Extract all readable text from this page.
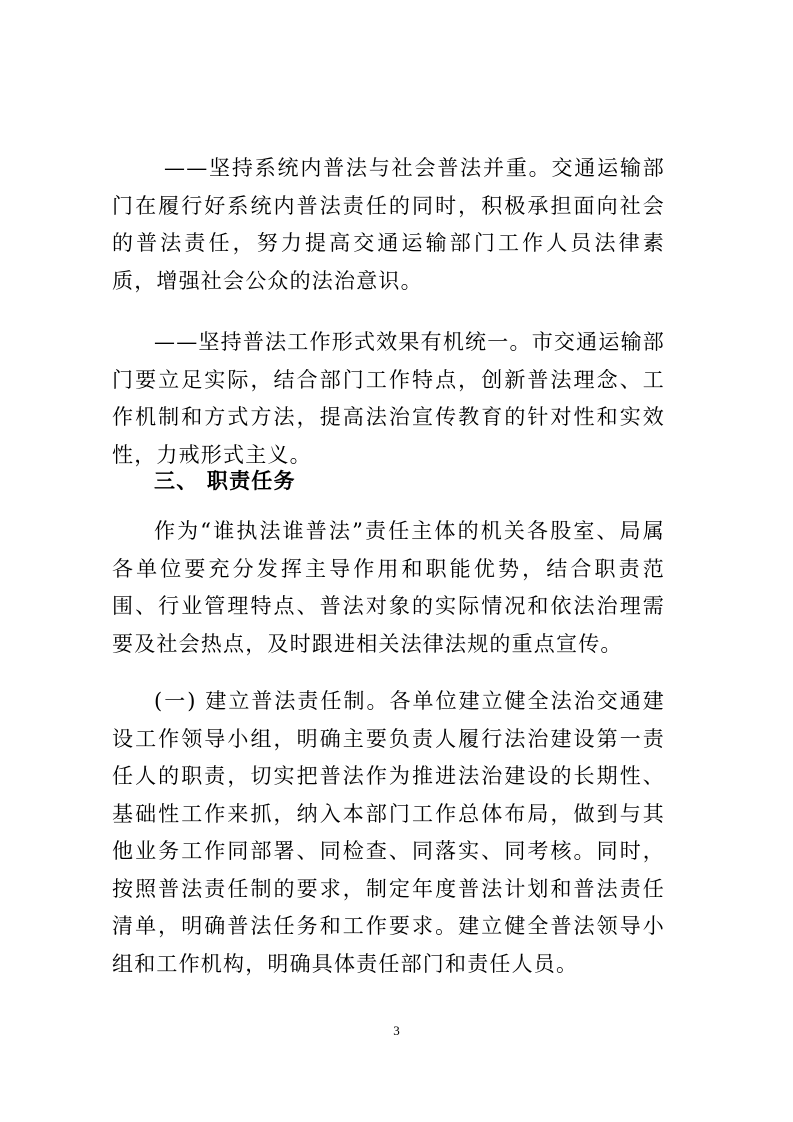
——坚持系统内普法与社会普法并重。交通运输部门在履行好系统内普法责任的同时，积极承担面向社会的普法责任，努力提高交通运输部门工作人员法律素质，增强社会公众的法治意识。
——坚持普法工作形式效果有机统一。市交通运输部门要立足实际，结合部门工作特点，创新普法理念、工作机制和方式方法，提高法治宣传教育的针对性和实效性，力戒形式主义。
三、 职责任务
作为“谁执法谁普法”责任主体的机关各股室、局属各单位要充分发挥主导作用和职能优势，结合职责范围、行业管理特点、普法对象的实际情况和依法治理需要及社会热点，及时跟进相关法律法规的重点宣传。
(一) 建立普法责任制。各单位建立健全法治交通建设工作领导小组，明确主要负责人履行法治建设第一责任人的职责，切实把普法作为推进法治建设的长期性、基础性工作来抓，纳入本部门工作总体布局，做到与其他业务工作同部署、同检查、同落实、同考核。同时，按照普法责任制的要求，制定年度普法计划和普法责任清单，明确普法任务和工作要求。建立健全普法领导小组和工作机构，明确具体责任部门和责任人员。
3
